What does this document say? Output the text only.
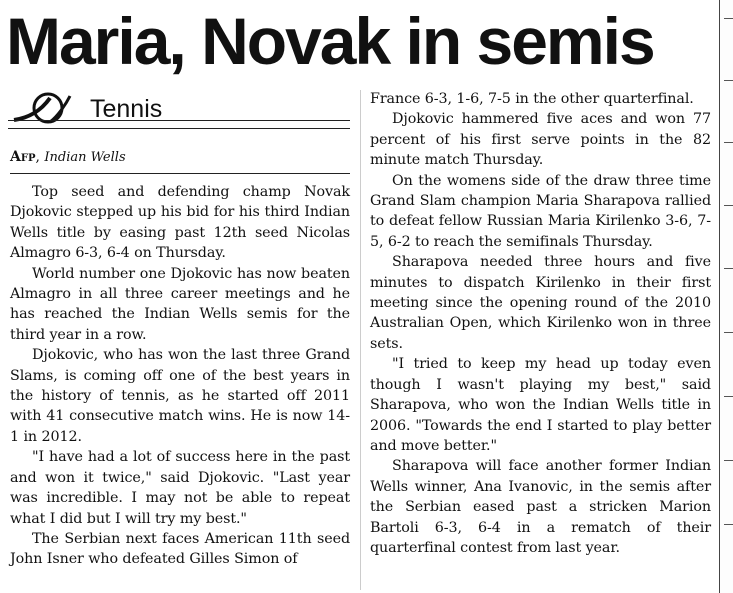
Maria, Novak in semis
Tennis
Afp, Indian Wells

Top seed and defending champ Novak Djokovic stepped up his bid for his third Indian Wells title by easing past 12th seed Nicolas Almagro 6-3, 6-4 on Thursday.

World number one Djokovic has now beaten Almagro in all three career meetings and he has reached the Indian Wells semis for the third year in a row.

Djokovic, who has won the last three Grand Slams, is coming off one of the best years in the history of tennis, as he started off 2011 with 41 consecutive match wins. He is now 14-1 in 2012.

"I have had a lot of success here in the past and won it twice," said Djokovic. "Last year was incredible. I may not be able to repeat what I did but I will try my best."

The Serbian next faces American 11th seed John Isner who defeated Gilles Simon of

France 6-3, 1-6, 7-5 in the other quarterfinal.

Djokovic hammered five aces and won 77 percent of his first serve points in the 82 minute match Thursday.

On the womens side of the draw three time Grand Slam champion Maria Sharapova rallied to defeat fellow Russian Maria Kirilenko 3-6, 7-5, 6-2 to reach the semifinals Thursday.

Sharapova needed three hours and five minutes to dispatch Kirilenko in their first meeting since the opening round of the 2010 Australian Open, which Kirilenko won in three sets.

"I tried to keep my head up today even though I wasn't playing my best," said Sharapova, who won the Indian Wells title in 2006. "Towards the end I started to play better and move better."

Sharapova will face another former Indian Wells winner, Ana Ivanovic, in the semis after the Serbian eased past a stricken Marion Bartoli 6-3, 6-4 in a rematch of their quarterfinal contest from last year.
